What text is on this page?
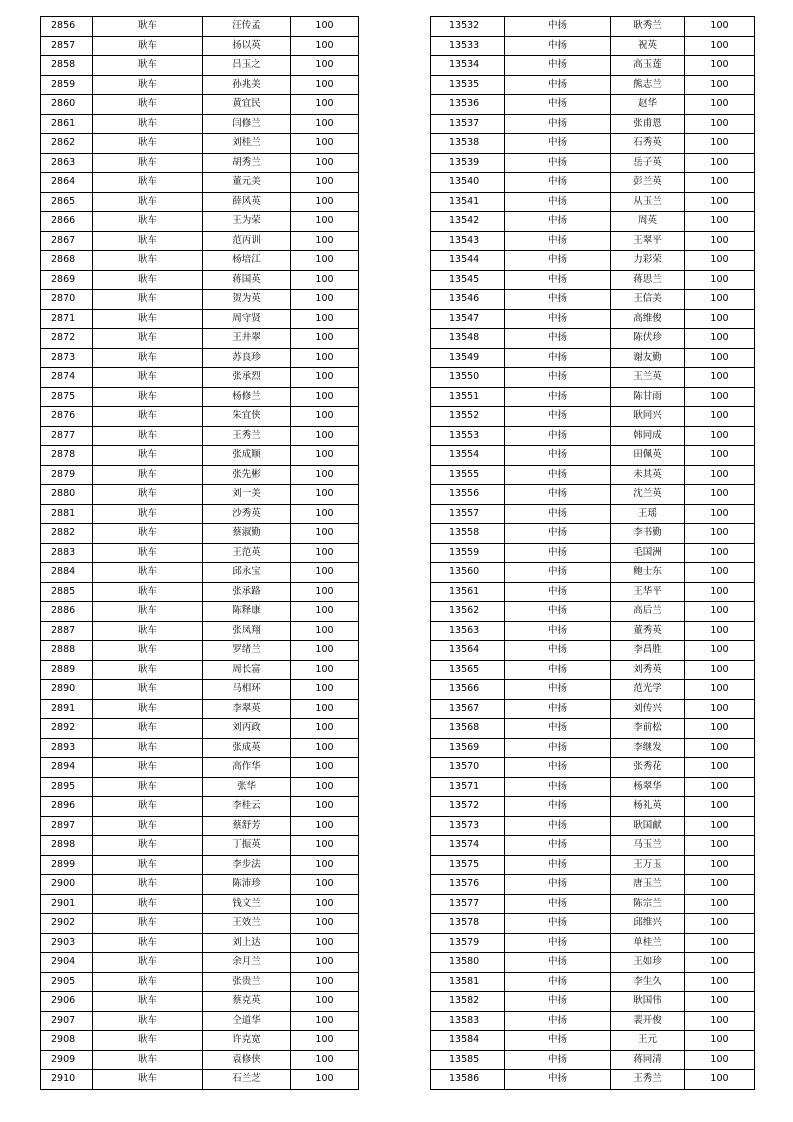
2856	耿车	汪传孟	100
2857	耿车	扬以英	100
2858	耿车	吕玉之	100
2859	耿车	孙兆美	100
2860	耿车	黄宜民	100
2861	耿车	闫修兰	100
2862	耿车	刘桂兰	100
2863	耿车	胡秀兰	100
2864	耿车	董元美	100
2865	耿车	薛风英	100
2866	耿车	王为荣	100
2867	耿车	范丙训	100
2868	耿车	杨培江	100
2869	耿车	蒋国英	100
2870	耿车	贺为英	100
2871	耿车	周守贤	100
2872	耿车	王井翠	100
2873	耿车	苏良珍	100
2874	耿车	张承烈	100
2875	耿车	杨修兰	100
2876	耿车	朱宜侠	100
2877	耿车	王秀兰	100
2878	耿车	张成顺	100
2879	耿车	张先彬	100
2880	耿车	刘一美	100
2881	耿车	沙秀英	100
2882	耿车	蔡淑勤	100
2883	耿车	王范英	100
2884	耿车	邱永宝	100
2885	耿车	张承路	100
2886	耿车	陈释康	100
2887	耿车	张凤翔	100
2888	耿车	罗绪兰	100
2889	耿车	周长富	100
2890	耿车	马相环	100
2891	耿车	李翠英	100
2892	耿车	刘丙政	100
2893	耿车	张成英	100
2894	耿车	高作华	100
2895	耿车	张华	100
2896	耿车	李桂云	100
2897	耿车	蔡舒芳	100
2898	耿车	丁振英	100
2899	耿车	李步法	100
2900	耿车	陈沛珍	100
2901	耿车	钱文兰	100
2902	耿车	王效兰	100
2903	耿车	刘上达	100
2904	耿车	余月兰	100
2905	耿车	张贵兰	100
2906	耿车	蔡克英	100
2907	耿车	仝道华	100
2908	耿车	许克宽	100
2909	耿车	袁修侠	100
2910	耿车	石兰芝	100
13532	中扬	耿秀兰	100
13533	中扬	祝英	100
13534	中扬	高玉莲	100
13535	中扬	熊志兰	100
13536	中扬	赵华	100
13537	中扬	张甫恩	100
13538	中扬	石秀英	100
13539	中扬	岳子英	100
13540	中扬	彭兰英	100
13541	中扬	从玉兰	100
13542	中扬	周英	100
13543	中扬	王翠平	100
13544	中扬	力彩荣	100
13545	中扬	蒋思兰	100
13546	中扬	王信美	100
13547	中扬	高维俊	100
13548	中扬	陈伏珍	100
13549	中扬	谢友勤	100
13550	中扬	王兰英	100
13551	中扬	陈甘雨	100
13552	中扬	耿同兴	100
13553	中扬	韩同成	100
13554	中扬	田佩英	100
13555	中扬	未其英	100
13556	中扬	沈兰英	100
13557	中扬	王瑶	100
13558	中扬	李书勤	100
13559	中扬	毛国洲	100
13560	中扬	鲍士东	100
13561	中扬	王华平	100
13562	中扬	高后兰	100
13563	中扬	董秀英	100
13564	中扬	李昌胜	100
13565	中扬	刘秀英	100
13566	中扬	范光学	100
13567	中扬	刘传兴	100
13568	中扬	李前松	100
13569	中扬	李继发	100
13570	中扬	张秀花	100
13571	中扬	杨翠华	100
13572	中扬	杨礼英	100
13573	中扬	耿国献	100
13574	中扬	马玉兰	100
13575	中扬	王万玉	100
13576	中扬	唐玉兰	100
13577	中扬	陈宗兰	100
13578	中扬	邱维兴	100
13579	中扬	单桂兰	100
13580	中扬	王如珍	100
13581	中扬	李生久	100
13582	中扬	耿国伟	100
13583	中扬	裴开俊	100
13584	中扬	王元	100
13585	中扬	蒋同清	100
13586	中扬	王秀兰	100
